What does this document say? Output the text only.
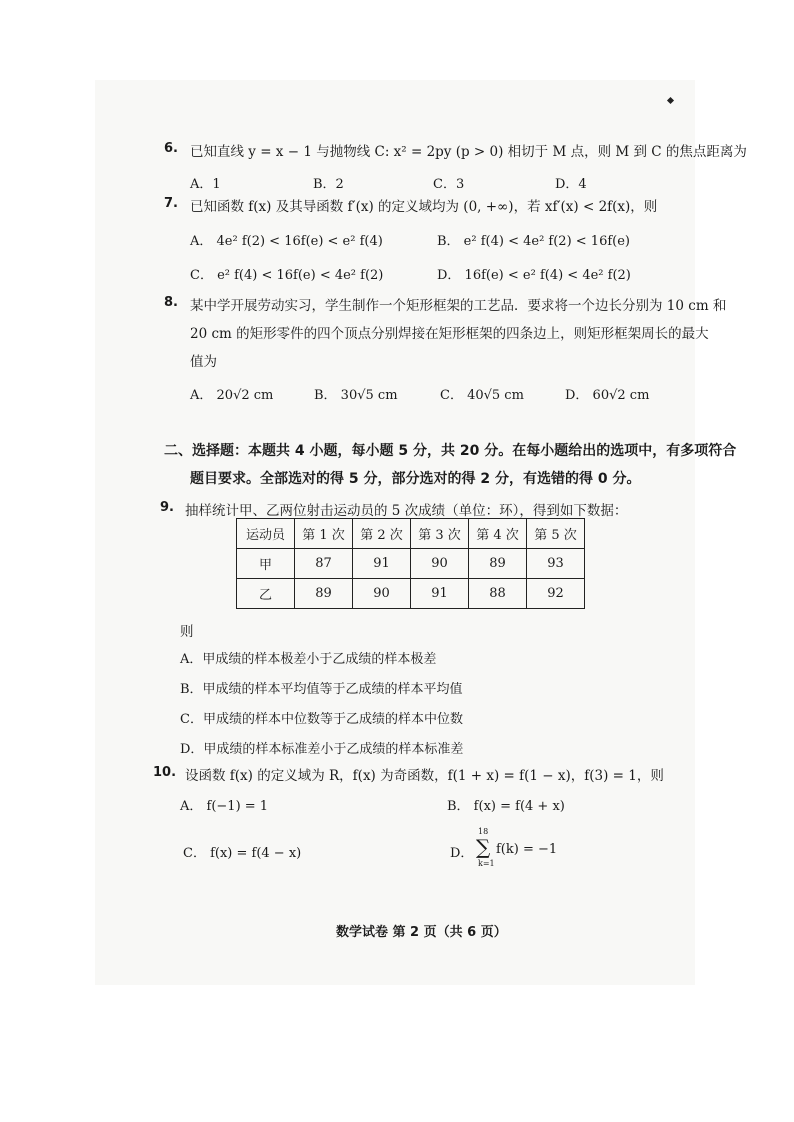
6. 已知直线 y = x − 1 与抛物线 C: x² = 2py (p > 0) 相切于 M 点，则 M 到 C 的焦点距离为
A．1	B．2	C．3	D．4
7. 已知函数 f(x) 及其导函数 f′(x) 的定义域均为 (0, +∞)，若 xf′(x) < 2f(x)，则
A． 4e² f(2) < 16f(e) < e² f(4)	B． e² f(4) < 4e² f(2) < 16f(e)
C． e² f(4) < 16f(e) < 4e² f(2)	D． 16f(e) < e² f(4) < 4e² f(2)
8. 某中学开展劳动实习，学生制作一个矩形框架的工艺品．要求将一个边长分别为 10 cm 和
20 cm 的矩形零件的四个顶点分别焊接在矩形框架的四条边上，则矩形框架周长的最大
值为
A． 20√2 cm	B． 30√5 cm	C． 40√5 cm	D． 60√2 cm
二、选择题：本题共 4 小题，每小题 5 分，共 20 分。在每小题给出的选项中，有多项符合
题目要求。全部选对的得 5 分，部分选对的得 2 分，有选错的得 0 分。
9. 抽样统计甲、乙两位射击运动员的 5 次成绩（单位：环），得到如下数据：
运动员	第 1 次	第 2 次	第 3 次	第 4 次	第 5 次
甲	87	91	90	89	93
乙	89	90	91	88	92
则
A．甲成绩的样本极差小于乙成绩的样本极差
B．甲成绩的样本平均值等于乙成绩的样本平均值
C．甲成绩的样本中位数等于乙成绩的样本中位数
D．甲成绩的样本标准差小于乙成绩的样本标准差
10. 设函数 f(x) 的定义域为 R，f(x) 为奇函数，f(1 + x) = f(1 − x)，f(3) = 1，则
A． f(−1) = 1	B． f(x) = f(4 + x)
C． f(x) = f(4 − x)	D．
18
∑
k=1
f(k) = −1
数学试卷 第 2 页（共 6 页）
